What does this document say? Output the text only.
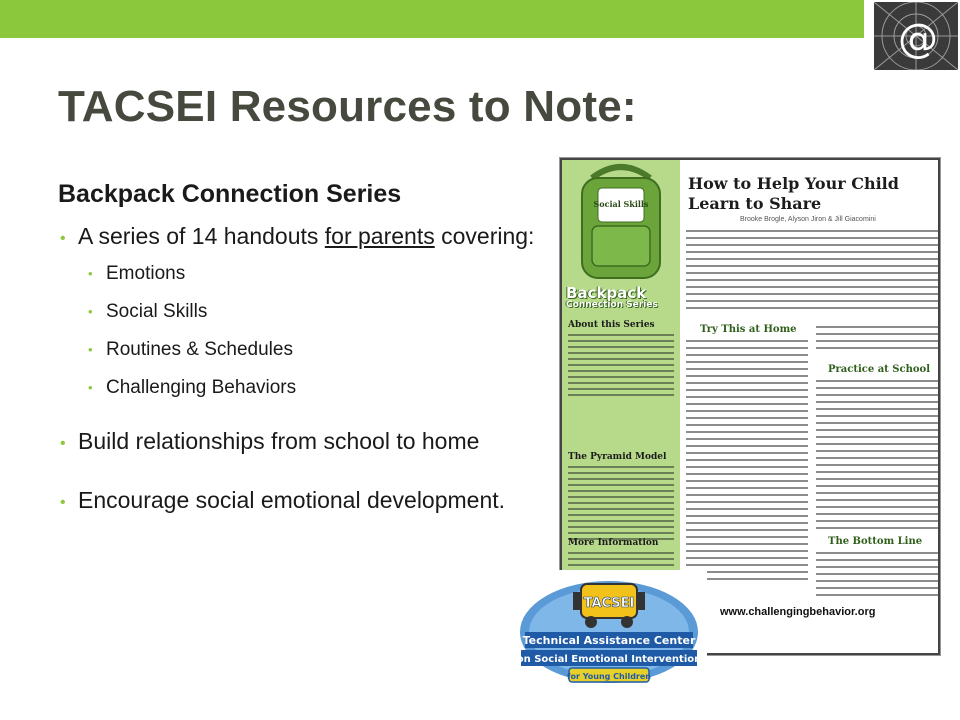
@
TACSEI Resources to Note:
Backpack Connection Series
• A series of 14 handouts for parents covering:
• Emotions
• Social Skills
• Routines & Schedules
• Challenging Behaviors
• Build relationships from school to home
• Encourage social emotional development.
Social Skills
Backpack
Connection Series
About this Series
The Pyramid Model
More Information
How to Help Your Child
Learn to Share
Brooke Brogle, Alyson Jiron & Jill Giacomini
Try This at Home
Practice at School
The Bottom Line
www.challengingbehavior.org
TACSEI
Technical Assistance Center
on Social Emotional Intervention
for Young Children
